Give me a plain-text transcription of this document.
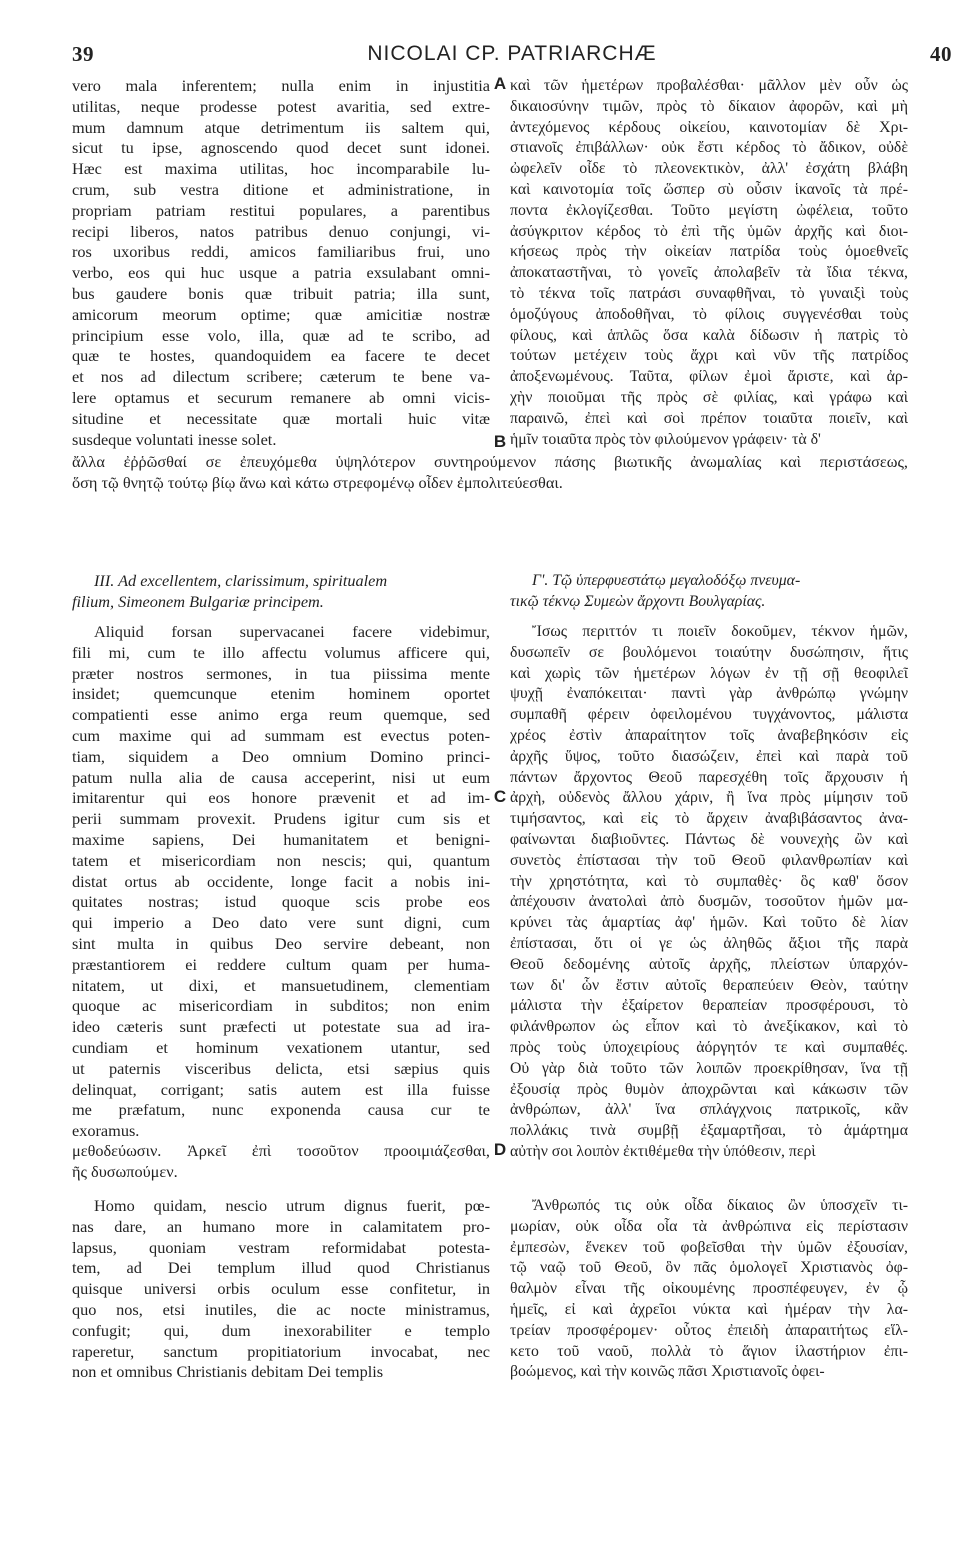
39	NICOLAI CP. PATRIARCHÆ	40
A
B
C
D
vero mala inferentem; nulla enim in injustitia
utilitas, neque prodesse potest avaritia, sed extre-
mum damnum atque detrimentum iis saltem qui,
sicut tu ipse, agnoscendo quod decet sunt idonei.
Hæc est maxima utilitas, hoc incomparabile lu-
crum, sub vestra ditione et administratione, in
propriam patriam restitui populares, a parentibus
recipi liberos, natos patribus denuo conjungi, vi-
ros uxoribus reddi, amicos familiaribus frui, uno
verbo, eos qui huc usque a patria exsulabant omni-
bus gaudere bonis quæ tribuit patria; illa sunt,
amicorum meorum optime; quæ amicitiæ nostræ
principium esse volo, illa, quæ ad te scribo, ad
quæ te hostes, quandoquidem ea facere te decet
et nos ad dilectum scribere; cæterum te bene va-
lere optamus et securum remanere ab omni vicis-
situdine et necessitate quæ mortali huic vitæ
susdeque voluntati inesse solet.
καὶ τῶν ἡμετέρων προβαλέσθαι· μᾶλλον μὲν οὖν ὡς
δικαιοσύνην τιμῶν, πρὸς τὸ δίκαιον ἀφορῶν, καὶ μὴ
ἀντεχόμενος κέρδους οἰκείου, καινοτομίαν δὲ Χρι-
στιανοῖς ἐπιβάλλων· οὐκ ἔστι κέρδος τὸ ἄδικον, οὐδὲ
ὠφελεῖν οἶδε τὸ πλεονεκτικὸν, ἀλλ' ἐσχάτη βλάβη
καὶ καινοτομία τοῖς ὥσπερ σὺ οὖσιν ἱκανοῖς τὰ πρέ-
ποντα ἐκλογίζεσθαι. Τοῦτο μεγίστη ὠφέλεια, τοῦτο
ἀσύγκριτον κέρδος τὸ ἐπὶ τῆς ὑμῶν ἀρχῆς καὶ διοι-
κήσεως πρὸς τὴν οἰκείαν πατρίδα τοὺς ὁμοεθνεῖς
ἀποκαταστῆναι, τὸ γονεῖς ἀπολαβεῖν τὰ ἴδια τέκνα,
τὸ τέκνα τοῖς πατράσι συναφθῆναι, τὸ γυναιξὶ τοὺς
ὁμοζύγους ἀποδοθῆναι, τὸ φίλοις συγγενέσθαι τοὺς
φίλους, καὶ ἁπλῶς ὅσα καλὰ δίδωσιν ἡ πατρὶς τὸ
τούτων μετέχειν τοὺς ἄχρι καὶ νῦν τῆς πατρίδος
ἀποξενωμένους. Ταῦτα, φίλων ἐμοὶ ἄριστε, καὶ ἀρ-
χὴν ποιοῦμαι τῆς πρὸς σὲ φιλίας, καὶ γράφω καὶ
παραινῶ, ἐπεὶ καὶ σοὶ πρέπον τοιαῦτα ποιεῖν, καὶ
ἡμῖν τοιαῦτα πρὸς τὸν φιλούμενον γράφειν· τὰ δ'
ἄλλα ἐῤῥῶσθαί σε ἐπευχόμεθα ὑψηλότερον συντηρούμενον πάσης βιωτικῆς ἀνωμαλίας καὶ περιστάσεως,
ὅση τῷ θνητῷ τούτῳ βίῳ ἄνω καὶ κάτω στρεφομένῳ οἶδεν ἐμπολιτεύεσθαι.
III. Ad excellentem, clarissimum, spiritualem
filium, Simeonem Bulgariæ principem.
Γ'. Τῷ ὑπερφυεστάτῳ μεγαλοδόξῳ πνευμα-
τικῷ τέκνῳ Συμεὼν ἄρχοντι Βουλγαρίας.
Aliquid forsan supervacanei facere videbimur,
fili mi, cum te illo affectu volumus afficere qui,
præter nostros sermones, in tua piissima mente
insidet; quemcunque etenim hominem oportet
compatienti esse animo erga reum quemque, sed
cum maxime qui ad summam est evectus poten-
tiam, siquidem a Deo omnium Domino princi-
patum nulla alia de causa acceperint, nisi ut eum
imitarentur qui eos honore prævenit et ad im-
perii summam provexit. Prudens igitur cum sis et
maxime sapiens, Dei humanitatem et benigni-
tatem et misericordiam non nescis; qui, quantum
distat ortus ab occidente, longe facit a nobis ini-
quitates nostras; istud quoque scis probe eos
qui imperio a Deo dato vere sunt digni, cum
sint multa in quibus Deo servire debeant, non
præstantiorem ei reddere cultum quam per huma-
nitatem, ut dixi, et mansuetudinem, clementiam
quoque ac misericordiam in subditos; non enim
ideo cæteris sunt præfecti ut potestate sua ad ira-
cundiam et hominum vexationem utantur, sed
ut paternis visceribus delicta, etsi sæpius quis
delinquat, corrigant; satis autem est illa fuisse
me præfatum, nunc exponenda causa cur te
exoramus.
Ἴσως περιττόν τι ποιεῖν δοκοῦμεν, τέκνον ἡμῶν,
δυσωπεῖν σε βουλόμενοι τοιαύτην δυσώπησιν, ἥτις
καὶ χωρὶς τῶν ἡμετέρων λόγων ἐν τῇ σῇ θεοφιλεῖ
ψυχῇ ἐναπόκειται· παντὶ γὰρ ἀνθρώπῳ γνώμην
συμπαθῆ φέρειν ὀφειλομένου τυγχάνοντος, μάλιστα
χρέος ἐστὶν ἀπαραίτητον τοῖς ἀναβεβηκόσιν εἰς
ἀρχῆς ὕψος, τοῦτο διασώζειν, ἐπεὶ καὶ παρὰ τοῦ
πάντων ἄρχοντος Θεοῦ παρεσχέθη τοῖς ἄρχουσιν ἡ
ἀρχὴ, οὐδενὸς ἄλλου χάριν, ἢ ἵνα πρὸς μίμησιν τοῦ
τιμήσαντος, καὶ εἰς τὸ ἄρχειν ἀναβιβάσαντος ἀνα-
φαίνωνται διαβιοῦντες. Πάντως δὲ νουνεχὴς ὢν καὶ
συνετὸς ἐπίστασαι τὴν τοῦ Θεοῦ φιλανθρωπίαν καὶ
τὴν χρηστότητα, καὶ τὸ συμπαθὲς· ὃς καθ' ὅσον
ἀπέχουσιν ἀνατολαὶ ἀπὸ δυσμῶν, τοσοῦτον ἡμῶν μα-
κρύνει τὰς ἁμαρτίας ἀφ' ἡμῶν. Καὶ τοῦτο δὲ λίαν
ἐπίστασαι, ὅτι οἱ γε ὡς ἀληθῶς ἄξιοι τῆς παρὰ
Θεοῦ δεδομένης αὐτοῖς ἀρχῆς, πλείστων ὑπαρχόν-
των δι' ὧν ἔστιν αὐτοῖς θεραπεύειν Θεὸν, ταύτην
μάλιστα τὴν ἐξαίρετον θεραπείαν προσφέρουσι, τὸ
φιλάνθρωπον ὡς εἶπον καὶ τὸ ἀνεξίκακον, καὶ τὸ
πρὸς τοὺς ὑποχειρίους ἀόργητόν τε καὶ συμπαθές.
Οὐ γὰρ διὰ τοῦτο τῶν λοιπῶν προεκρίθησαν, ἵνα τῇ
ἐξουσίᾳ πρὸς θυμὸν ἀποχρῶνται καὶ κάκωσιν τῶν
ἀνθρώπων, ἀλλ' ἵνα σπλάγχνοις πατρικοῖς, κἂν
πολλάκις τινὰ συμβῇ ἐξαμαρτῆσαι, τὸ ἁμάρτημα
αὐτὴν σοι λοιπὸν ἐκτιθέμεθα τὴν ὑπόθεσιν, περὶ
μεθοδεύωσιν. Ἀρκεῖ ἐπὶ τοσοῦτον προοιμιάζεσθαι,
ῆς δυσωπούμεν.
Homo quidam, nescio utrum dignus fuerit, pœ-
nas dare, an humano more in calamitatem pro-
lapsus, quoniam vestram reformidabat potesta-
tem, ad Dei templum illud quod Christianus
quisque universi orbis oculum esse confitetur, in
quo nos, etsi inutiles, die ac nocte ministramus,
confugit; qui, dum inexorabiliter e templo
raperetur, sanctum propitiatorium invocabat, nec
non et omnibus Christianis debitam Dei templis
Ἄνθρωπός τις οὐκ οἶδα δίκαιος ὢν ὑποσχεῖν τι-
μωρίαν, οὐκ οἶδα οἷα τὰ ἀνθρώπινα εἰς περίστασιν
ἐμπεσὼν, ἕνεκεν τοῦ φοβεῖσθαι τὴν ὑμῶν ἐξουσίαν,
τῷ ναῷ τοῦ Θεοῦ, ὃν πᾶς ὁμολογεῖ Χριστιανὸς ὀφ-
θαλμὸν εἶναι τῆς οἰκουμένης προσπέφευγεν, ἐν ᾧ
ἡμεῖς, εἰ καὶ ἀχρεῖοι νύκτα καὶ ἡμέραν τὴν λα-
τρείαν προσφέρομεν· οὗτος ἐπειδὴ ἀπαραιτήτως εἵλ-
κετο τοῦ ναοῦ, πολλὰ τὸ ἅγιον ἱλαστήριον ἐπι-
βοώμενος, καὶ τὴν κοινῶς πᾶσι Χριστιανοῖς ὀφει-
